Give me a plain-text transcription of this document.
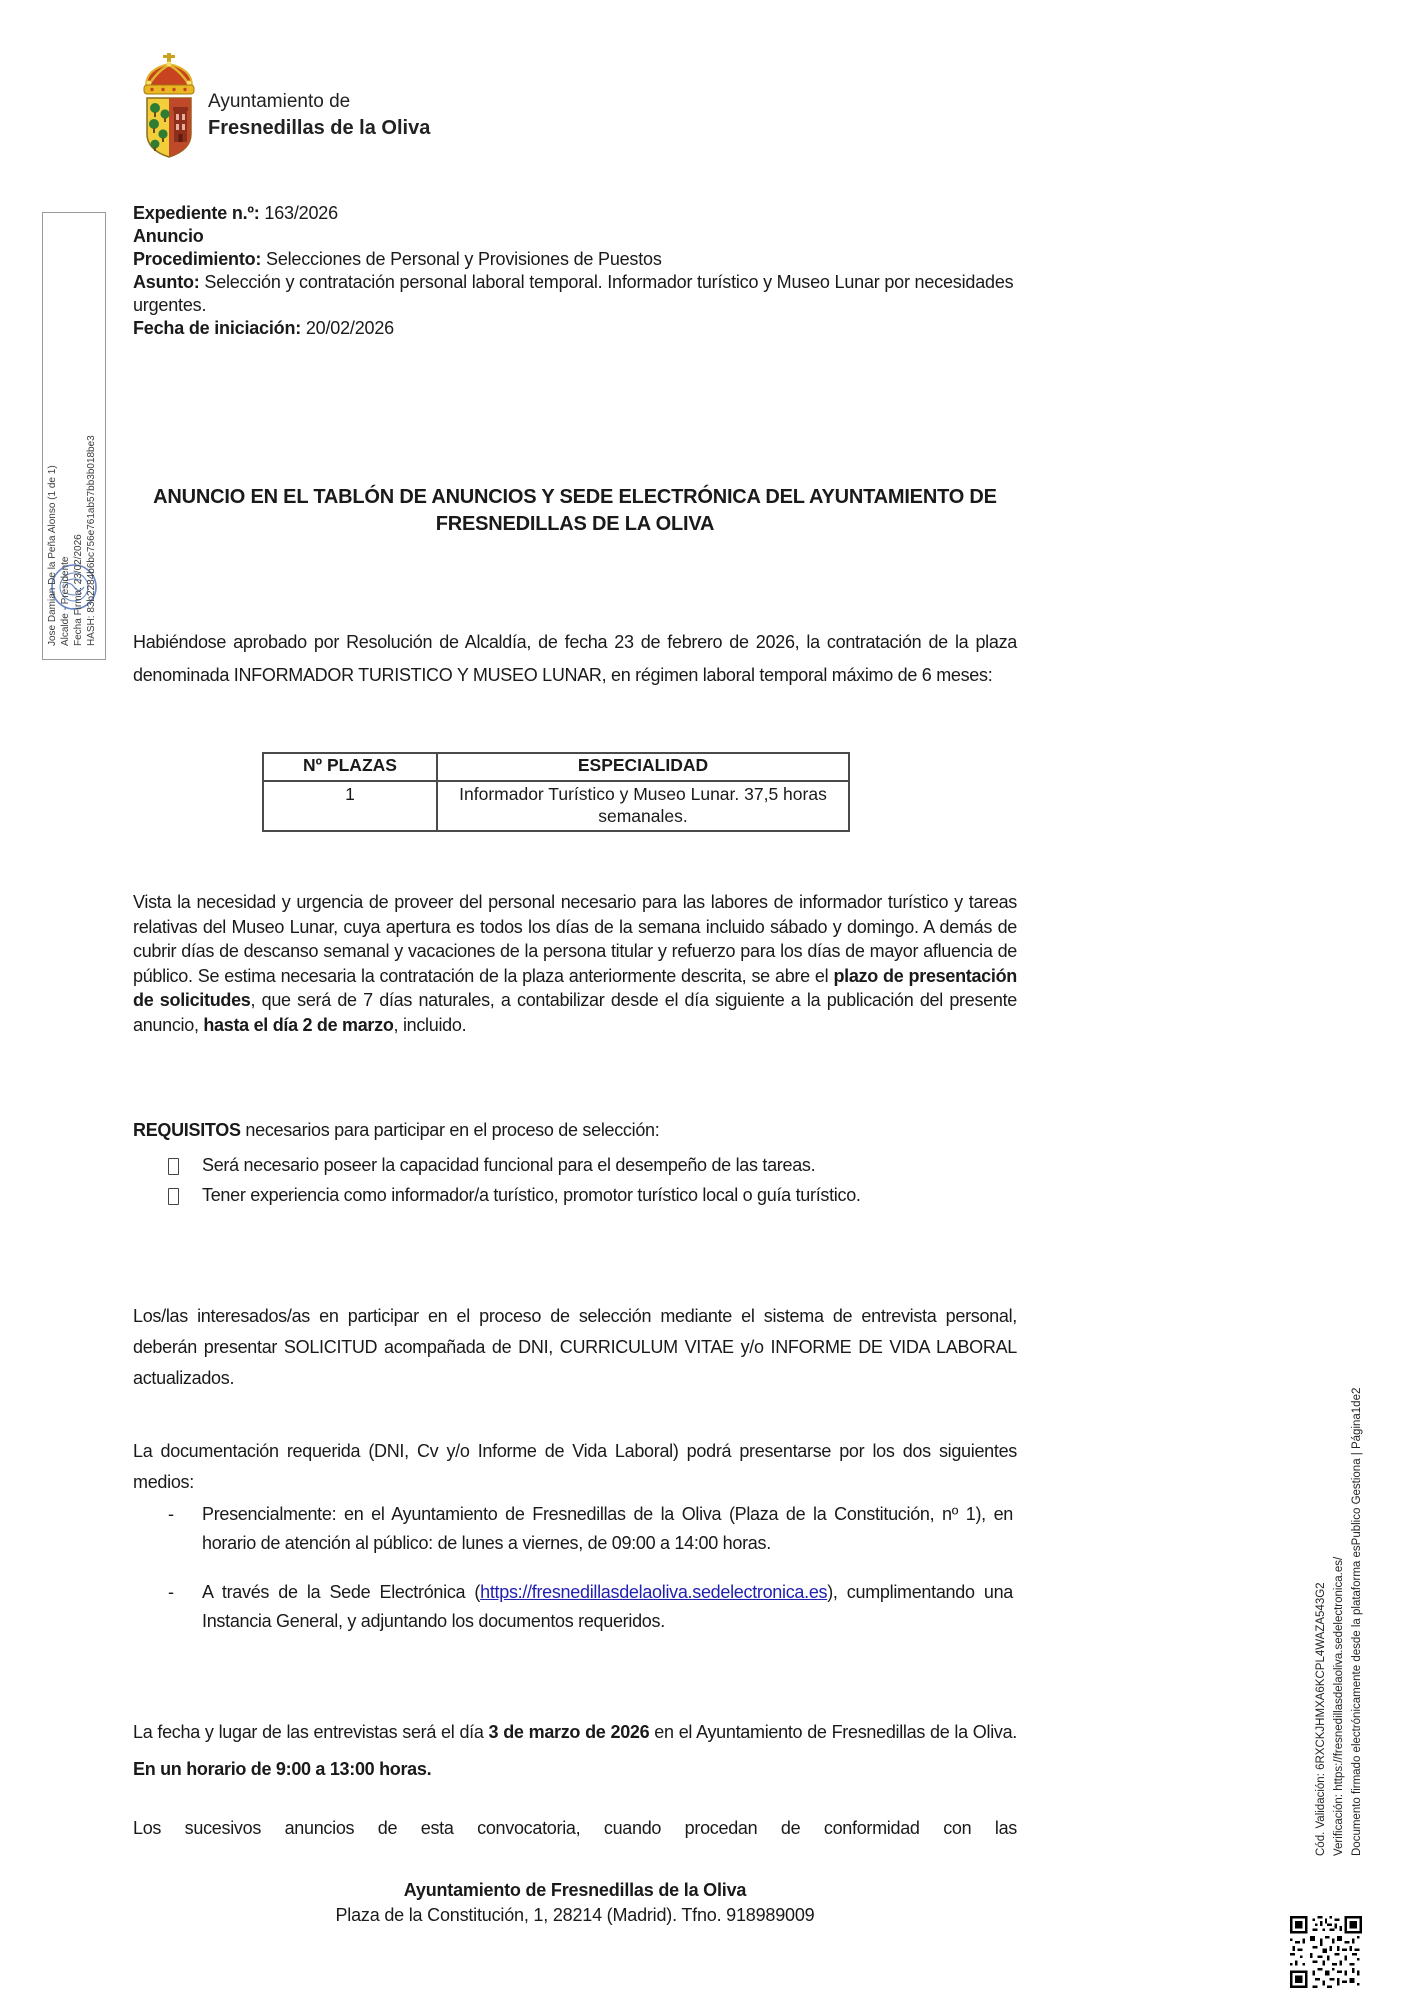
Ayuntamiento de
Fresnedillas de la Oliva
Jose Damian De la Peña Alonso (1 de 1) Alcalde - Presidente Fecha Firma: 23/02/2026 HASH: 83b2284b6bc756e761ab57bb3b018be3
Cód. Validación: 6RXCKJHMXA6KCPL4WAZA543G2 Verificación: https://fresnedillasdelaoliva.sedelectronica.es/ Documento firmado electrónicamente desde la plataforma esPublico Gestiona | Página1de2
Expediente n.º: 163/2026
Anuncio
Procedimiento: Selecciones de Personal y Provisiones de Puestos
Asunto: Selección y contratación personal laboral temporal. Informador turístico y Museo Lunar por necesidades urgentes.
Fecha de iniciación: 20/02/2026
ANUNCIO EN EL TABLÓN DE ANUNCIOS Y SEDE ELECTRÓNICA DEL AYUNTAMIENTO DE FRESNEDILLAS DE LA OLIVA

Habiéndose aprobado por Resolución de Alcaldía, de fecha 23 de febrero de 2026, la contratación de la plaza denominada INFORMADOR TURISTICO Y MUSEO LUNAR, en régimen laboral temporal máximo de 6 meses:

Nº PLAZAS	ESPECIALIDAD
1	Informador Turístico y Museo Lunar. 37,5 horas semanales.

Vista la necesidad y urgencia de proveer del personal necesario para las labores de informador turístico y tareas relativas del Museo Lunar, cuya apertura es todos los días de la semana incluido sábado y domingo. A demás de cubrir días de descanso semanal y vacaciones de la persona titular y refuerzo para los días de mayor afluencia de público. Se estima necesaria la contratación de la plaza anteriormente descrita, se abre el plazo de presentación de solicitudes, que será de 7 días naturales, a contabilizar desde el día siguiente a la publicación del presente anuncio, hasta el día 2 de marzo, incluido.

REQUISITOS necesarios para participar en el proceso de selección:

Será necesario poseer la capacidad funcional para el desempeño de las tareas.
Tener experiencia como informador/a turístico, promotor turístico local o guía turístico.

Los/las interesados/as en participar en el proceso de selección mediante el sistema de entrevista personal, deberán presentar SOLICITUD acompañada de DNI, CURRICULUM VITAE y/o INFORME DE VIDA LABORAL actualizados.

La documentación requerida (DNI, Cv y/o Informe de Vida Laboral) podrá presentarse por los dos siguientes medios:

-	Presencialmente: en el Ayuntamiento de Fresnedillas de la Oliva (Plaza de la Constitución, nº 1), en horario de atención al público: de lunes a viernes, de 09:00 a 14:00 horas.
-	A través de la Sede Electrónica (https://fresnedillasdelaoliva.sedelectronica.es), cumplimentando una Instancia General, y adjuntando los documentos requeridos.

La fecha y lugar de las entrevistas será el día 3 de marzo de 2026 en el Ayuntamiento de Fresnedillas de la Oliva. En un horario de 9:00 a 13:00 horas.

Los sucesivos anuncios de esta convocatoria, cuando procedan de conformidad con las

Ayuntamiento de Fresnedillas de la Oliva
Plaza de la Constitución, 1, 28214 (Madrid). Tfno. 918989009
